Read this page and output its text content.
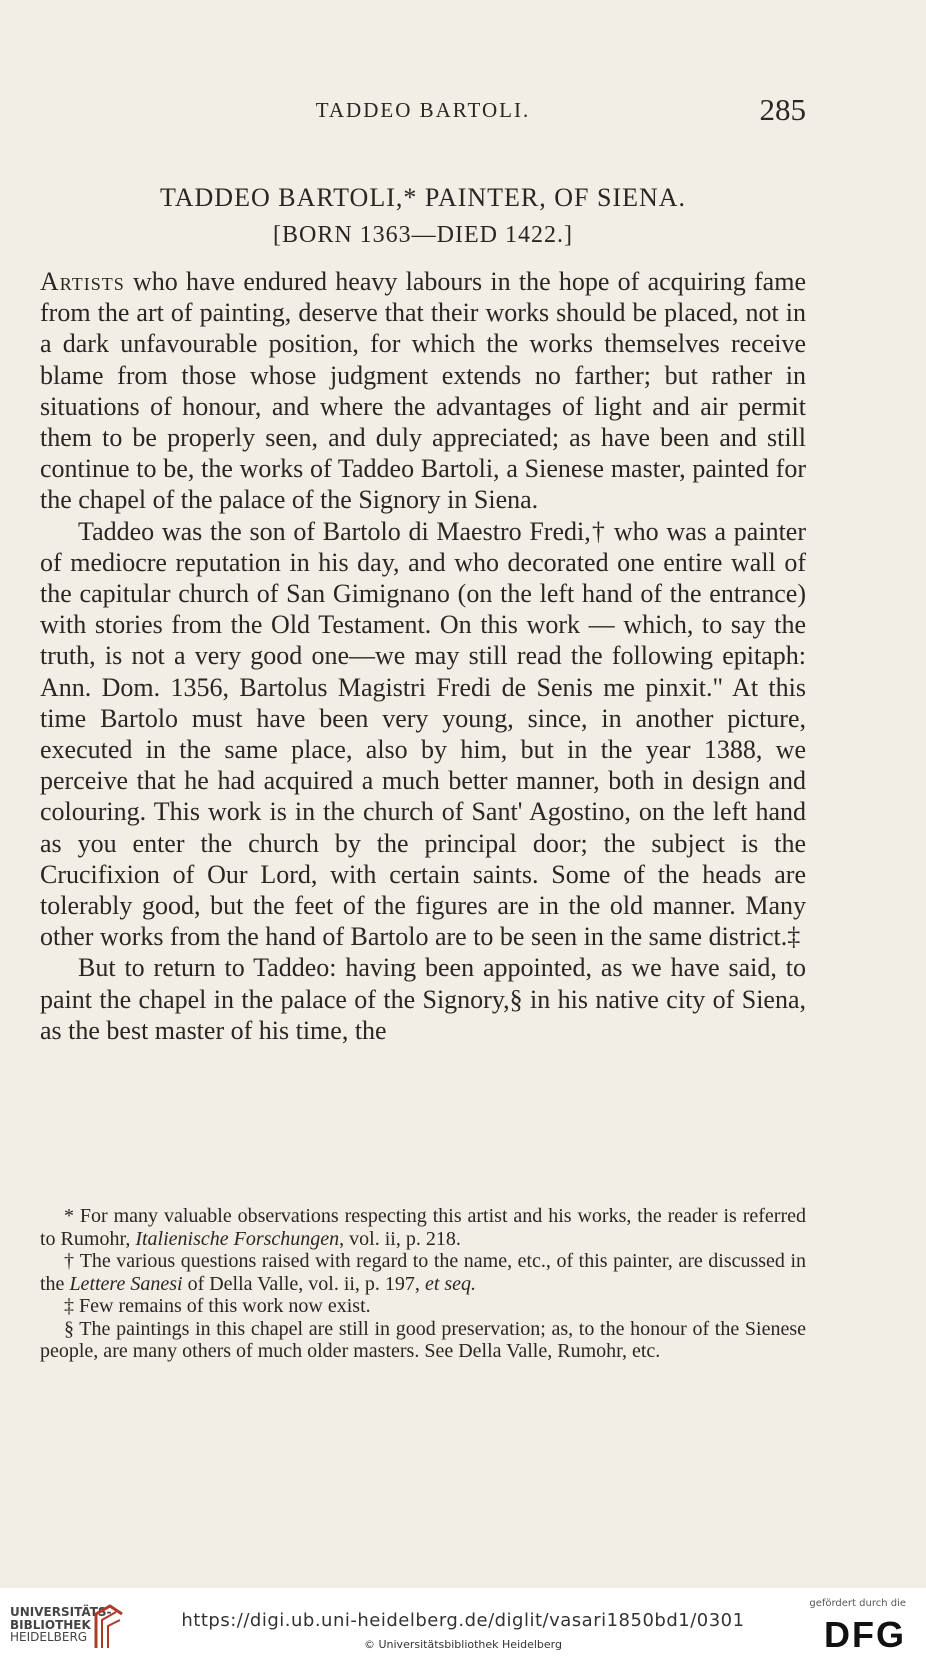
TADDEO BARTOLI.	285
TADDEO BARTOLI,* PAINTER, OF SIENA.
[BORN 1363—DIED 1422.]

Artists who have endured heavy labours in the hope of acquiring fame from the art of painting, deserve that their works should be placed, not in a dark unfavourable position, for which the works themselves receive blame from those whose judgment extends no farther; but rather in situations of honour, and where the advantages of light and air permit them to be properly seen, and duly appreciated; as have been and still continue to be, the works of Taddeo Bartoli, a Sienese master, painted for the chapel of the palace of the Signory in Siena.

Taddeo was the son of Bartolo di Maestro Fredi,† who was a painter of mediocre reputation in his day, and who decorated one entire wall of the capitular church of San Gimignano (on the left hand of the entrance) with stories from the Old Testament. On this work — which, to say the truth, is not a very good one—we may still read the following epitaph: Ann. Dom. 1356, Bartolus Magistri Fredi de Senis me pinxit." At this time Bartolo must have been very young, since, in another picture, executed in the same place, also by him, but in the year 1388, we perceive that he had acquired a much better manner, both in design and colouring. This work is in the church of Sant' Agostino, on the left hand as you enter the church by the principal door; the subject is the Crucifixion of Our Lord, with certain saints. Some of the heads are tolerably good, but the feet of the figures are in the old manner. Many other works from the hand of Bartolo are to be seen in the same district.‡

But to return to Taddeo: having been appointed, as we have said, to paint the chapel in the palace of the Signory,§ in his native city of Siena, as the best master of his time, the

* For many valuable observations respecting this artist and his works, the reader is referred to Rumohr, Italienische Forschungen, vol. ii, p. 218.

† The various questions raised with regard to the name, etc., of this painter, are discussed in the Lettere Sanesi of Della Valle, vol. ii, p. 197, et seq.

‡ Few remains of this work now exist.

§ The paintings in this chapel are still in good preservation; as, to the honour of the Sienese people, are many others of much older masters. See Della Valle, Rumohr, etc.

UNIVERSITÄTS-
BIBLIOTHEK
HEIDELBERG
https://digi.ub.uni-heidelberg.de/diglit/vasari1850bd1/0301
© Universitätsbibliothek Heidelberg
gefördert durch die
DFG
